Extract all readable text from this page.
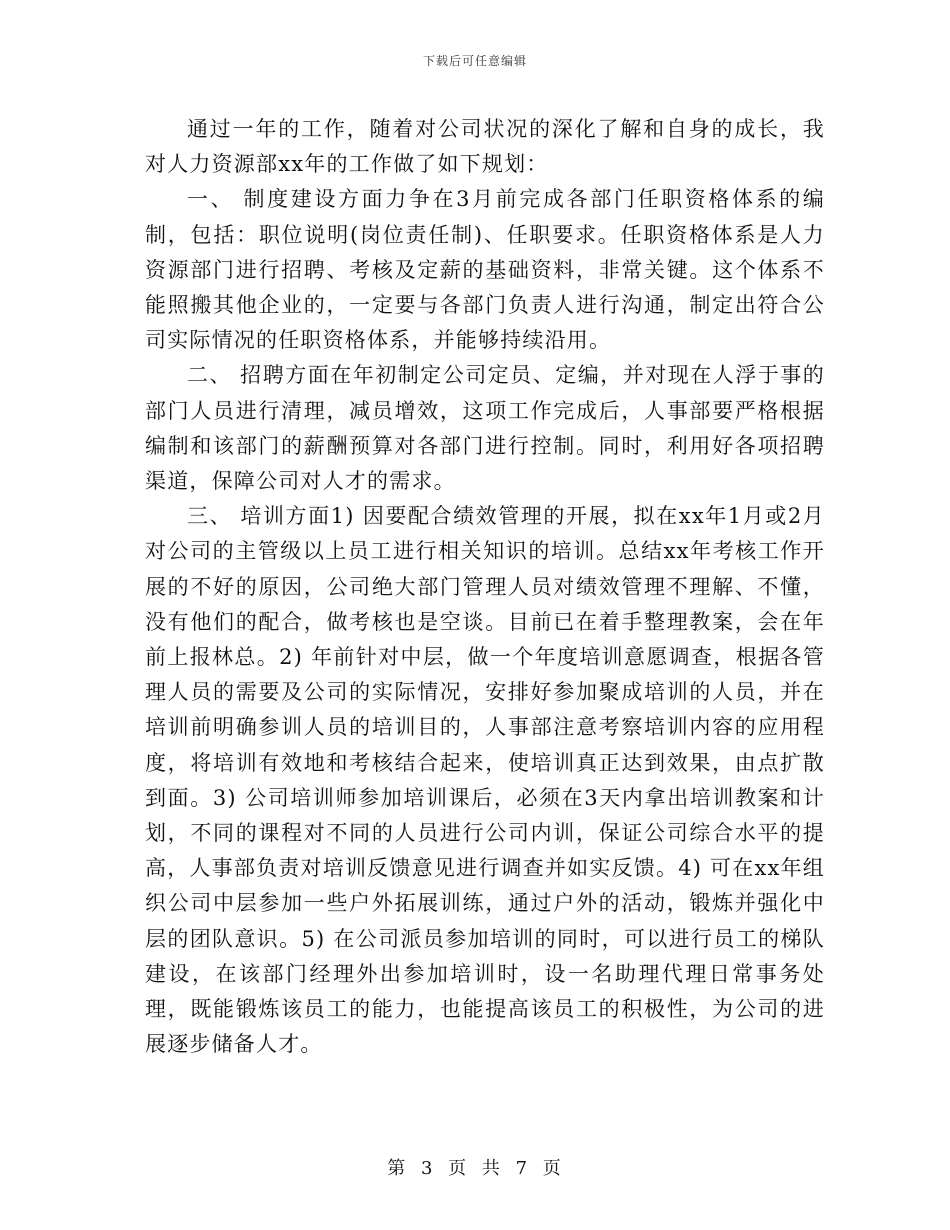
下载后可任意编辑

通过一年的工作，随着对公司状况的深化了解和自身的成长，我对人力资源部xx年的工作做了如下规划：

一、 制度建设方面力争在3月前完成各部门任职资格体系的编制，包括：职位说明(岗位责任制)、任职要求。任职资格体系是人力资源部门进行招聘、考核及定薪的基础资料，非常关键。这个体系不能照搬其他企业的，一定要与各部门负责人进行沟通，制定出符合公司实际情况的任职资格体系，并能够持续沿用。

二、 招聘方面在年初制定公司定员、定编，并对现在人浮于事的部门人员进行清理，减员增效，这项工作完成后，人事部要严格根据编制和该部门的薪酬预算对各部门进行控制。同时，利用好各项招聘渠道，保障公司对人才的需求。

三、 培训方面1) 因要配合绩效管理的开展，拟在xx年1月或2月对公司的主管级以上员工进行相关知识的培训。总结xx年考核工作开展的不好的原因，公司绝大部门管理人员对绩效管理不理解、不懂，没有他们的配合，做考核也是空谈。目前已在着手整理教案，会在年前上报林总。2) 年前针对中层，做一个年度培训意愿调查，根据各管理人员的需要及公司的实际情况，安排好参加聚成培训的人员，并在培训前明确参训人员的培训目的，人事部注意考察培训内容的应用程度，将培训有效地和考核结合起来，使培训真正达到效果，由点扩散到面。3) 公司培训师参加培训课后，必须在3天内拿出培训教案和计划，不同的课程对不同的人员进行公司内训，保证公司综合水平的提高，人事部负责对培训反馈意见进行调查并如实反馈。4) 可在xx年组织公司中层参加一些户外拓展训练，通过户外的活动，锻炼并强化中层的团队意识。5) 在公司派员参加培训的同时，可以进行员工的梯队建设，在该部门经理外出参加培训时，设一名助理代理日常事务处理，既能锻炼该员工的能力，也能提高该员工的积极性，为公司的进展逐步储备人才。

第 3 页 共 7 页
